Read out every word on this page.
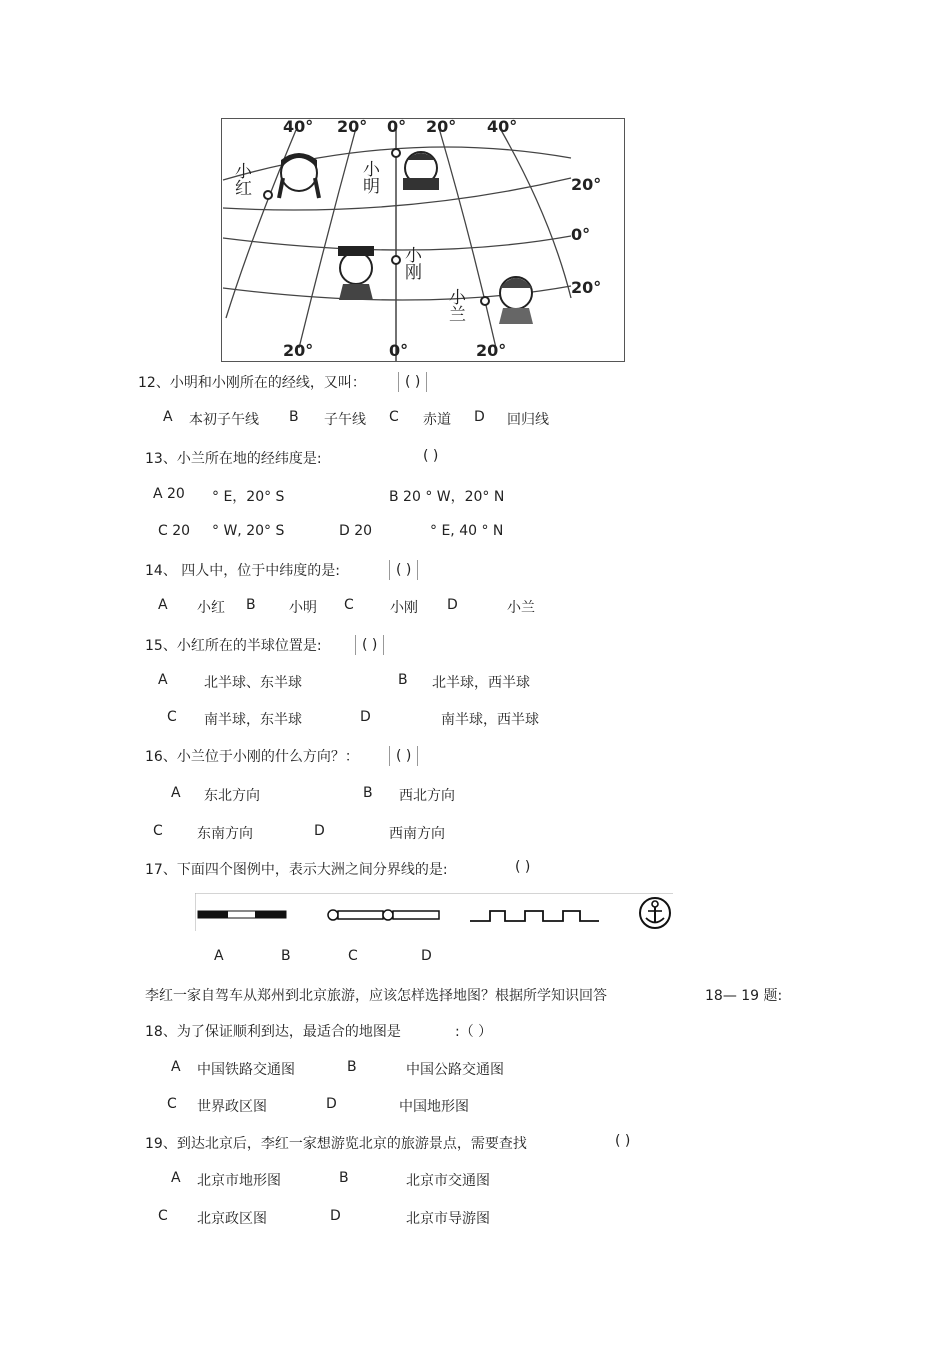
40° 20° 0° 20° 40°
20°
0°
20°
20°	0°	20°
小红	小明
小刚
小兰
12、小明和小刚所在的经线，又叫：	( )
A 本初子午线 B 子午线 C 赤道 D 回归线
13、小兰所在地的经纬度是:	( )
A 20 ° E，20° S	B 20 ° W，20° N
C 20 ° W, 20° S	D 20	° E, 40 ° N
14、 四人中，位于中纬度的是:	( )
A 小红 B 小明 C	小刚 D	小兰
15、小红所在的半球位置是:	( )
A	北半球、东半球	B 北半球，西半球
C 南半球，东半球	D	南半球，西半球
16、小兰位于小刚的什么方向？：	( )
A 东北方向	B 西北方向
C 东南方向	D	西南方向
17、下面四个图例中，表示大洲之间分界线的是:	( )
A	B	C	D
李红一家自驾车从郑州到北京旅游，应该怎样选择地图？根据所学知识回答	18— 19 题:
18、为了保证顺利到达，最适合的地图是	:（ ）
A 中国铁路交通图	B	中国公路交通图
C 世界政区图	D	中国地形图
19、到达北京后，李红一家想游览北京的旅游景点，需要查找	( )
A 北京市地形图	B	北京市交通图
C 北京政区图	D	北京市导游图
